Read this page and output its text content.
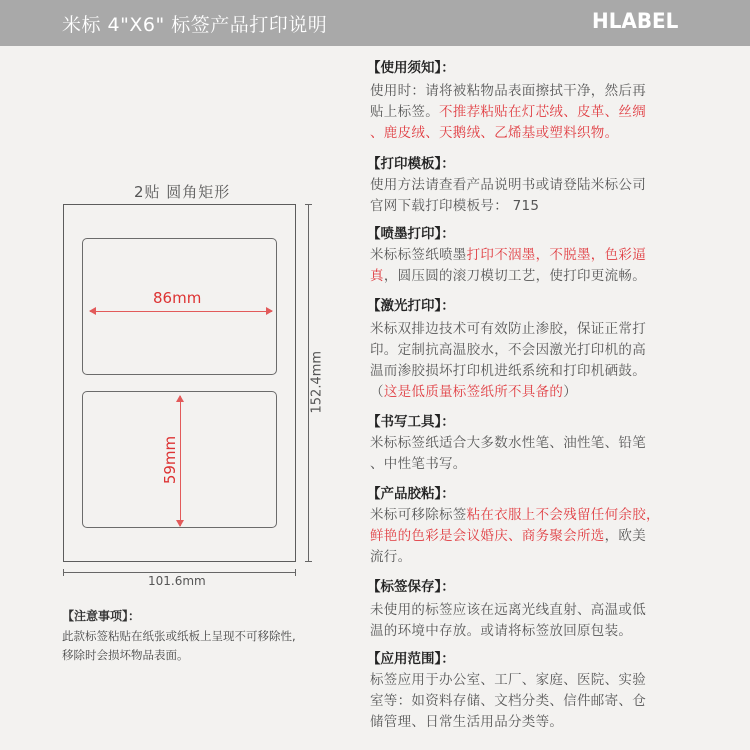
米标 4"X6" 标签产品打印说明	HLABEL
2贴 圆角矩形
86mm
59mm
152.4mm
101.6mm
【注意事项】：
此款标签粘贴在纸张或纸板上呈现不可移除性,
移除时会损坏物品表面。
【使用须知】：
使用时：请将被粘物品表面擦拭干净，然后再
贴上标签。不推荐粘贴在灯芯绒、皮革、丝绸
、鹿皮绒、天鹅绒、乙烯基或塑料织物。
【打印模板】：
使用方法请查看产品说明书或请登陆米标公司
官网下载打印模板号： 715
【喷墨打印】：
米标标签纸喷墨打印不洇墨，不脱墨，色彩逼
真，圆压圆的滚刀模切工艺，使打印更流畅。
【激光打印】：
米标双排边技术可有效防止渗胶，保证正常打
印。定制抗高温胶水，不会因激光打印机的高
温而渗胶损坏打印机进纸系统和打印机硒鼓。
（这是低质量标签纸所不具备的）
【书写工具】：
米标标签纸适合大多数水性笔、油性笔、铅笔
、中性笔书写。
【产品胶粘】：
米标可移除标签粘在衣服上不会残留任何余胶，
鲜艳的色彩是会议婚庆、商务聚会所选，欧美
流行。
【标签保存】：
未使用的标签应该在远离光线直射、高温或低
温的环境中存放。或请将标签放回原包装。
【应用范围】：
标签应用于办公室、工厂、家庭、医院、实验
室等：如资料存储、文档分类、信件邮寄、仓
储管理、日常生活用品分类等。
